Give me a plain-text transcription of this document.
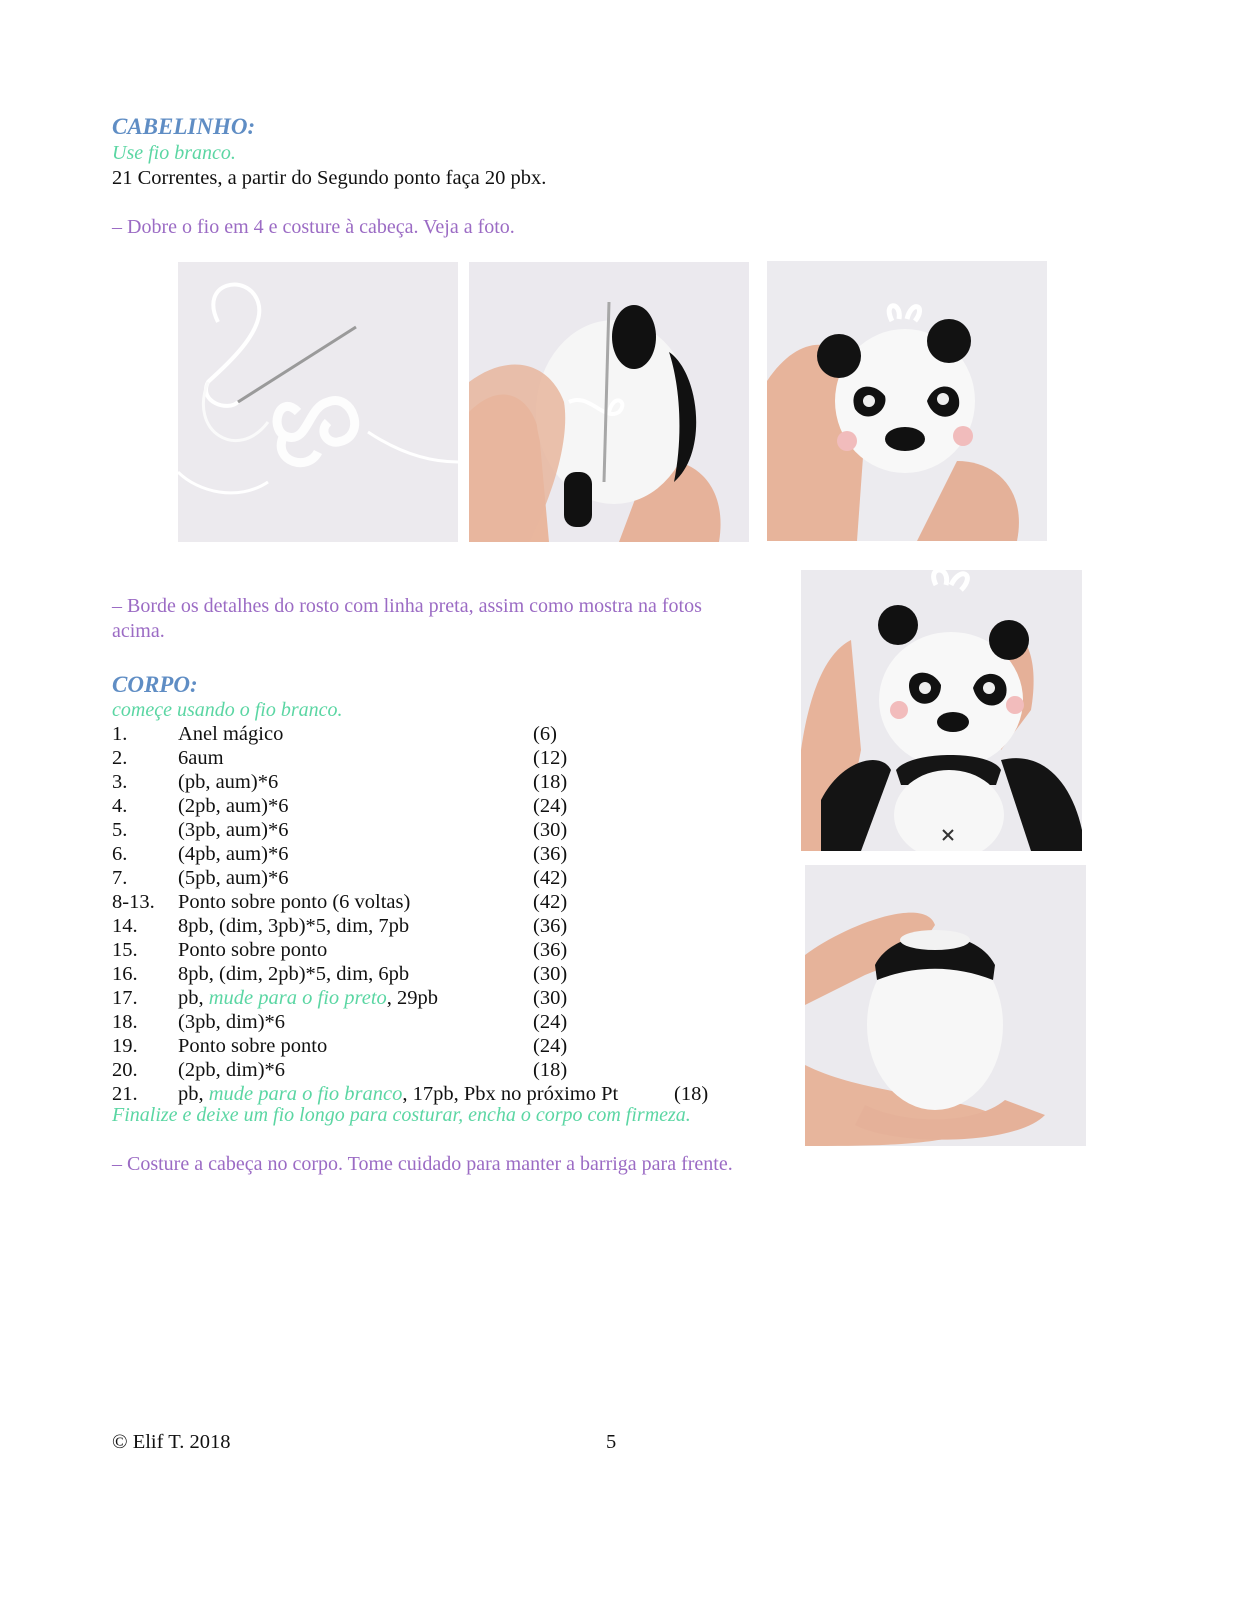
CABELINHO:
Use fio branco.
21 Correntes, a partir do Segundo ponto faça 20 pbx.
– Dobre o fio em 4 e costure à cabeça. Veja a foto.
– Borde os detalhes do rosto com linha preta, assim como mostra na fotos
acima.
CORPO:
começe usando o fio branco.
1. Anel mágico	(6)
2. 6aum	(12)
3. (pb, aum)*6	(18)
4. (2pb, aum)*6	(24)
5. (3pb, aum)*6	(30)
6. (4pb, aum)*6	(36)
7. (5pb, aum)*6	(42)
8-13. Ponto sobre ponto (6 voltas)	(42)
14. 8pb, (dim, 3pb)*5, dim, 7pb	(36)
15. Ponto sobre ponto	(36)
16. 8pb, (dim, 2pb)*5, dim, 6pb	(30)
17. pb, mude para o fio preto, 29pb	(30)
18. (3pb, dim)*6	(24)
19. Ponto sobre ponto	(24)
20. (2pb, dim)*6	(18)
21. pb, mude para o fio branco, 17pb, Pbx no próximo Pt	(18)
Finalize e deixe um fio longo para costurar, encha o corpo com firmeza.
– Costure a cabeça no corpo. Tome cuidado para manter a barriga para frente.
© Elif T. 2018	5
